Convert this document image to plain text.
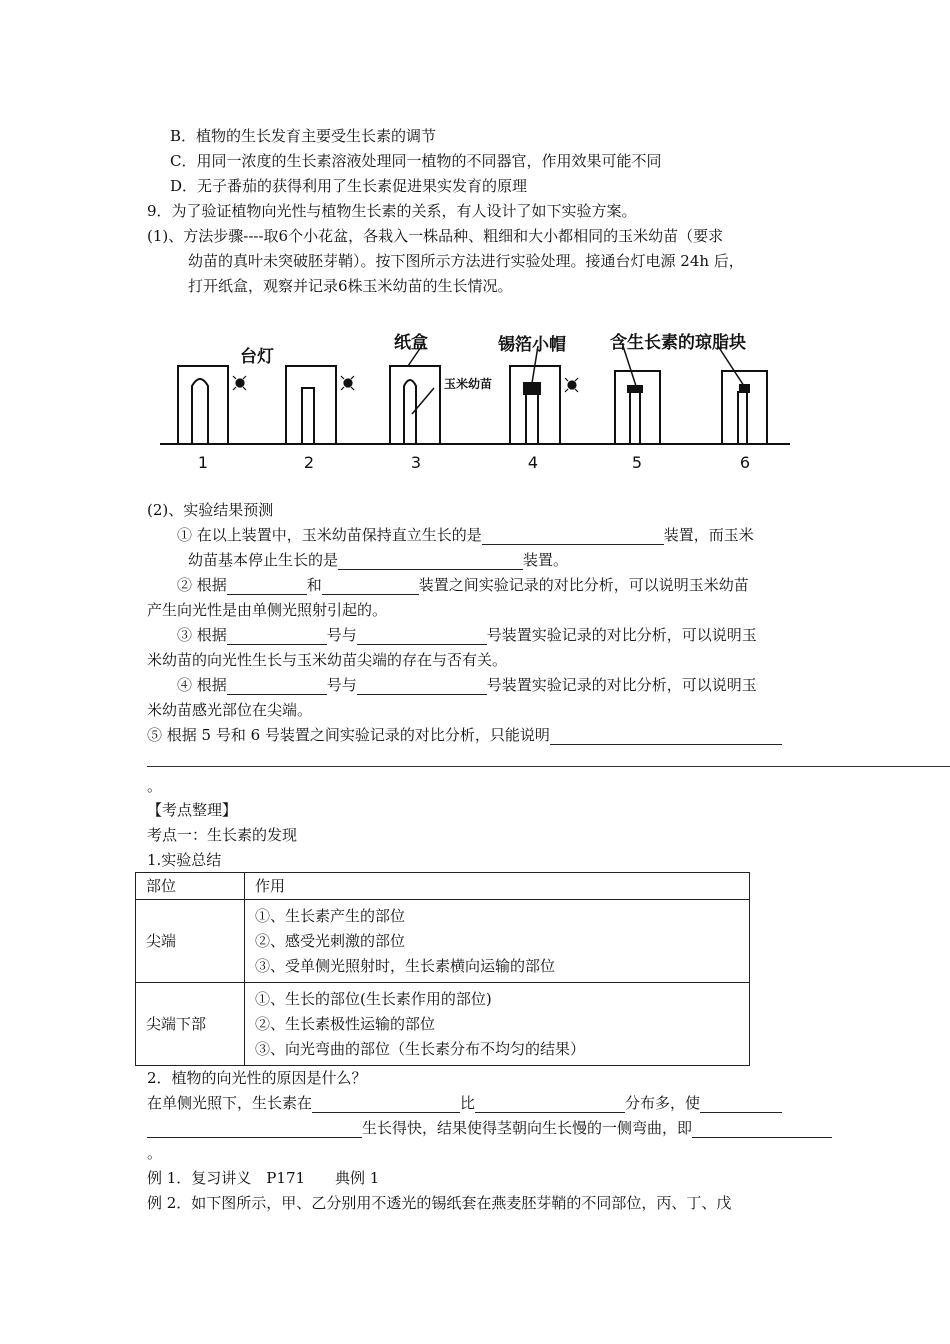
B．植物的生长发育主要受生长素的调节
C．用同一浓度的生长素溶液处理同一植物的不同器官，作用效果可能不同
D．无子番茄的获得利用了生长素促进果实发育的原理
9．为了验证植物向光性与植物生长素的关系，有人设计了如下实验方案。
(1)、方法步骤----取6个小花盆，各栽入一株品种、粗细和大小都相同的玉米幼苗（要求
幼苗的真叶未突破胚芽鞘）。按下图所示方法进行实验处理。接通台灯电源 24h 后，
打开纸盒，观察并记录6株玉米幼苗的生长情况。
台灯
纸盒	锡箔小帽	含生长素的琼脂块
玉米幼苗
1	2	3	4	5	6
(2)、实验结果预测
① 在以上装置中，玉米幼苗保持直立生长的是	装置，而玉米
幼苗基本停止生长的是	装置。
② 根据	和	装置之间实验记录的对比分析，可以说明玉米幼苗
产生向光性是由单侧光照射引起的。
③ 根据	号与	号装置实验记录的对比分析，可以说明玉
米幼苗的向光性生长与玉米幼苗尖端的存在与否有关。
④ 根据	号与	号装置实验记录的对比分析，可以说明玉
米幼苗感光部位在尖端。
⑤ 根据 5 号和 6 号装置之间实验记录的对比分析，只能说明
。
【考点整理】
考点一：生长素的发现
1.实验总结
部位	作用
尖端	①、生长素产生的部位
②、感受光刺激的部位
③、受单侧光照射时，生长素横向运输的部位

尖端下部	①、生长的部位(生长素作用的部位)
②、生长素极性运输的部位
③、向光弯曲的部位（生长素分布不均匀的结果）
2．植物的向光性的原因是什么？
在单侧光照下，生长素在	比	分布多，使
生长得快，结果使得茎朝向生长慢的一侧弯曲，即
。
例 1．复习讲义　P171　　典例 1
例 2．如下图所示，甲、乙分别用不透光的锡纸套在燕麦胚芽鞘的不同部位，丙、丁、戊
